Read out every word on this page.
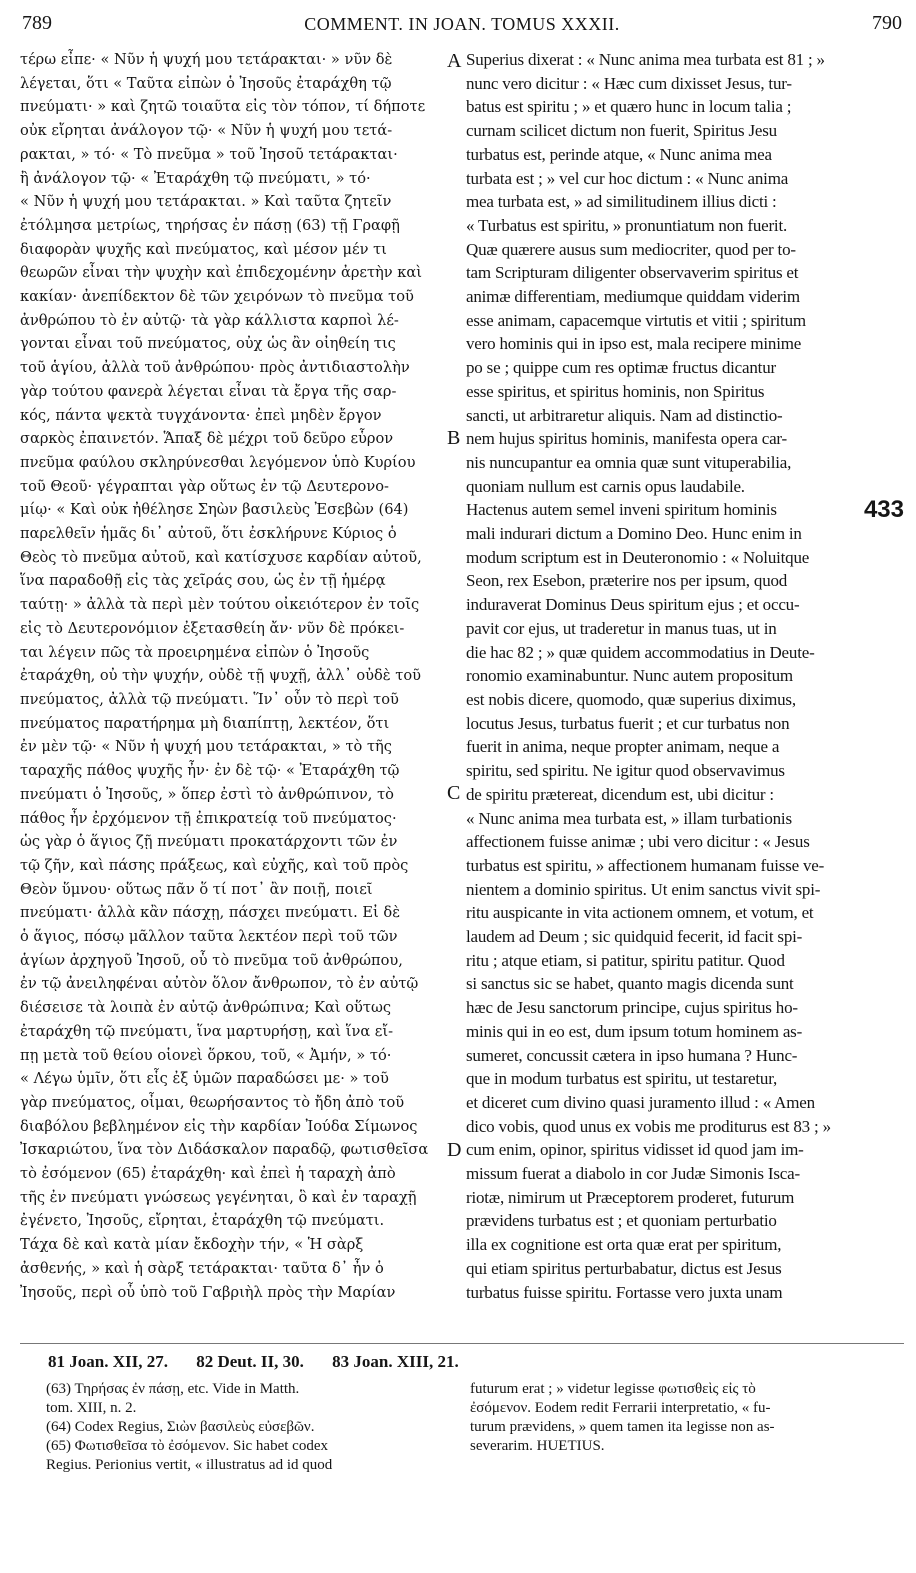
789	COMMENT. IN JOAN. TOMUS XXXII.	790
τέρω εἶπε· « Νῦν ἡ ψυχή μου τετάρακται· » νῦν δὲ
λέγεται, ὅτι « Ταῦτα εἰπὼν ὁ Ἰησοῦς ἐταράχθη τῷ
πνεύματι· » καὶ ζητῶ τοιαῦτα εἰς τὸν τόπον, τί δήποτε
οὐκ εἴρηται ἀνάλογον τῷ· « Νῦν ἡ ψυχή μου τετά-
ρακται, » τό· « Τὸ πνεῦμα » τοῦ Ἰησοῦ τετάρακται·
ἢ ἀνάλογον τῷ· « Ἐταράχθη τῷ πνεύματι, » τό·
« Νῦν ἡ ψυχή μου τετάρακται. » Καὶ ταῦτα ζητεῖν
ἐτόλμησα μετρίως, τηρήσας ἐν πάσῃ (63) τῇ Γραφῇ
διαφορὰν ψυχῆς καὶ πνεύματος, καὶ μέσον μέν τι
θεωρῶν εἶναι τὴν ψυχὴν καὶ ἐπιδεχομένην ἀρετὴν καὶ
κακίαν· ἀνεπίδεκτον δὲ τῶν χειρόνων τὸ πνεῦμα τοῦ
ἀνθρώπου τὸ ἐν αὐτῷ· τὰ γὰρ κάλλιστα καρποὶ λέ-
γονται εἶναι τοῦ πνεύματος, οὐχ ὡς ἂν οἰηθείη τις
τοῦ ἁγίου, ἀλλὰ τοῦ ἀνθρώπου· πρὸς ἀντιδιαστολὴν
γὰρ τούτου φανερὰ λέγεται εἶναι τὰ ἔργα τῆς σαρ-
κός, πάντα ψεκτὰ τυγχάνοντα· ἐπεὶ μηδὲν ἔργον
σαρκὸς ἐπαινετόν. Ἅπαξ δὲ μέχρι τοῦ δεῦρο εὗρον
πνεῦμα φαύλου σκληρύνεσθαι λεγόμενον ὑπὸ Κυρίου
τοῦ Θεοῦ· γέγραπται γὰρ οὕτως ἐν τῷ Δευτερονο-
μίῳ· « Καὶ οὐκ ἠθέλησε Σηὼν βασιλεὺς Ἐσεβὼν (64)
παρελθεῖν ἡμᾶς δι᾽ αὐτοῦ, ὅτι ἐσκλήρυνε Κύριος ὁ
Θεὸς τὸ πνεῦμα αὐτοῦ, καὶ κατίσχυσε καρδίαν αὐτοῦ,
ἵνα παραδοθῇ εἰς τὰς χεῖράς σου, ὡς ἐν τῇ ἡμέρᾳ
ταύτῃ· » ἀλλὰ τὰ περὶ μὲν τούτου οἰκειότερον ἐν τοῖς
εἰς τὸ Δευτερονόμιον ἐξετασθείη ἄν· νῦν δὲ πρόκει-
ται λέγειν πῶς τὰ προειρημένα εἰπὼν ὁ Ἰησοῦς
ἐταράχθη, οὐ τὴν ψυχήν, οὐδὲ τῇ ψυχῇ, ἀλλ᾽ οὐδὲ τοῦ
πνεύματος, ἀλλὰ τῷ πνεύματι. Ἵν᾽ οὖν τὸ περὶ τοῦ
πνεύματος παρατήρημα μὴ διαπίπτῃ, λεκτέον, ὅτι
ἐν μὲν τῷ· « Νῦν ἡ ψυχή μου τετάρακται, » τὸ τῆς
ταραχῆς πάθος ψυχῆς ἦν· ἐν δὲ τῷ· « Ἐταράχθη τῷ
πνεύματι ὁ Ἰησοῦς, » ὅπερ ἐστὶ τὸ ἀνθρώπινον, τὸ
πάθος ἦν ἐρχόμενον τῇ ἐπικρατείᾳ τοῦ πνεύματος·
ὡς γὰρ ὁ ἅγιος ζῇ πνεύματι προκατάρχοντι τῶν ἐν
τῷ ζῆν, καὶ πάσης πράξεως, καὶ εὐχῆς, καὶ τοῦ πρὸς
Θεὸν ὕμνου· οὕτως πᾶν ὅ τί ποτ᾽ ἂν ποιῇ, ποιεῖ
πνεύματι· ἀλλὰ κἂν πάσχῃ, πάσχει πνεύματι. Εἰ δὲ
ὁ ἅγιος, πόσῳ μᾶλλον ταῦτα λεκτέον περὶ τοῦ τῶν
ἁγίων ἀρχηγοῦ Ἰησοῦ, οὗ τὸ πνεῦμα τοῦ ἀνθρώπου,
ἐν τῷ ἀνειληφέναι αὐτὸν ὅλον ἄνθρωπον, τὸ ἐν αὐτῷ
διέσεισε τὰ λοιπὰ ἐν αὐτῷ ἀνθρώπινα; Καὶ οὕτως
ἐταράχθη τῷ πνεύματι, ἵνα μαρτυρήσῃ, καὶ ἵνα εἴ-
πῃ μετὰ τοῦ θείου οἱονεὶ ὅρκου, τοῦ, « Ἀμήν, » τό·
« Λέγω ὑμῖν, ὅτι εἷς ἐξ ὑμῶν παραδώσει με· » τοῦ
γὰρ πνεύματος, οἶμαι, θεωρήσαντος τὸ ἤδη ἀπὸ τοῦ
διαβόλου βεβλημένον εἰς τὴν καρδίαν Ἰούδα Σίμωνος
Ἰσκαριώτου, ἵνα τὸν Διδάσκαλον παραδῷ, φωτισθεῖσα
τὸ ἐσόμενον (65) ἐταράχθη· καὶ ἐπεὶ ἡ ταραχὴ ἀπὸ
τῆς ἐν πνεύματι γνώσεως γεγένηται, ὃ καὶ ἐν ταραχῇ
ἐγένετο, Ἰησοῦς, εἴρηται, ἐταράχθη τῷ πνεύματι.
Τάχα δὲ καὶ κατὰ μίαν ἔκδοχὴν τήν, « Ἡ σὰρξ
ἀσθενής, » καὶ ἡ σὰρξ τετάρακται· ταῦτα δ᾽ ἦν ὁ
Ἰησοῦς, περὶ οὗ ὑπὸ τοῦ Γαβριὴλ πρὸς τὴν Μαρίαν
Superius dixerat : « Nunc anima mea turbata est 81 ; »
nunc vero dicitur : « Hæc cum dixisset Jesus, tur-
batus est spiritu ; » et quæro hunc in locum talia ;
curnam scilicet dictum non fuerit, Spiritus Jesu
turbatus est, perinde atque, « Nunc anima mea
turbata est ; » vel cur hoc dictum : « Nunc anima
mea turbata est, » ad similitudinem illius dicti :
« Turbatus est spiritu, » pronuntiatum non fuerit.
Quæ quærere ausus sum mediocriter, quod per to-
tam Scripturam diligenter observaverim spiritus et
animæ differentiam, mediumque quiddam viderim
esse animam, capacemque virtutis et vitii ; spiritum
vero hominis qui in ipso est, mala recipere minime
po se ; quippe cum res optimæ fructus dicantur
esse spiritus, et spiritus hominis, non Spiritus
sancti, ut arbitraretur aliquis. Nam ad distinctio-
nem hujus spiritus hominis, manifesta opera car-
nis nuncupantur ea omnia quæ sunt vituperabilia,
quoniam nullum est carnis opus laudabile.
Hactenus autem semel inveni spiritum hominis
mali indurari dictum a Domino Deo. Hunc enim in
modum scriptum est in Deuteronomio : « Noluitque
Seon, rex Esebon, præterire nos per ipsum, quod
induraverat Dominus Deus spiritum ejus ; et occu-
pavit cor ejus, ut traderetur in manus tuas, ut in
die hac 82 ; » quæ quidem accommodatius in Deute-
ronomio examinabuntur. Nunc autem propositum
est nobis dicere, quomodo, quæ superius diximus,
locutus Jesus, turbatus fuerit ; et cur turbatus non
fuerit in anima, neque propter animam, neque a
spiritu, sed spiritu. Ne igitur quod observavimus
de spiritu prætereat, dicendum est, ubi dicitur :
« Nunc anima mea turbata est, » illam turbationis
affectionem fuisse animæ ; ubi vero dicitur : « Jesus
turbatus est spiritu, » affectionem humanam fuisse ve-
nientem a dominio spiritus. Ut enim sanctus vivit spi-
ritu auspicante in vita actionem omnem, et votum, et
laudem ad Deum ; sic quidquid fecerit, id facit spi-
ritu ; atque etiam, si patitur, spiritu patitur. Quod
si sanctus sic se habet, quanto magis dicenda sunt
hæc de Jesu sanctorum principe, cujus spiritus ho-
minis qui in eo est, dum ipsum totum hominem as-
sumeret, concussit cætera in ipso humana ? Hunc-
que in modum turbatus est spiritu, ut testaretur,
et diceret cum divino quasi juramento illud : « Amen
dico vobis, quod unus ex vobis me proditurus est 83 ; »
cum enim, opinor, spiritus vidisset id quod jam im-
missum fuerat a diabolo in cor Judæ Simonis Isca-
riotæ, nimirum ut Præceptorem proderet, futurum
prævidens turbatus est ; et quoniam perturbatio
illa ex cognitione est orta quæ erat per spiritum,
qui etiam spiritus perturbabatur, dictus est Jesus
turbatus fuisse spiritu. Fortasse vero juxta unam
A
B
C
D
433
81 Joan. XII, 27. 82 Deut. II, 30. 83 Joan. XIII, 21.
(63) Τηρήσας ἐν πάσῃ, etc. Vide in Matth.
tom. XIII, n. 2.
(64) Codex Regius, Σιὼν βασιλεὺς εὐσεβῶν.
(65) Φωτισθεῖσα τὸ ἐσόμενον. Sic habet codex
Regius. Perionius vertit, « illustratus ad id quod
futurum erat ; » videtur legisse φωτισθεὶς εἰς τὸ
ἐσόμενον. Eodem redit Ferrarii interpretatio, « fu-
turum prævidens, » quem tamen ita legisse non as-
severarim. HUETIUS.
